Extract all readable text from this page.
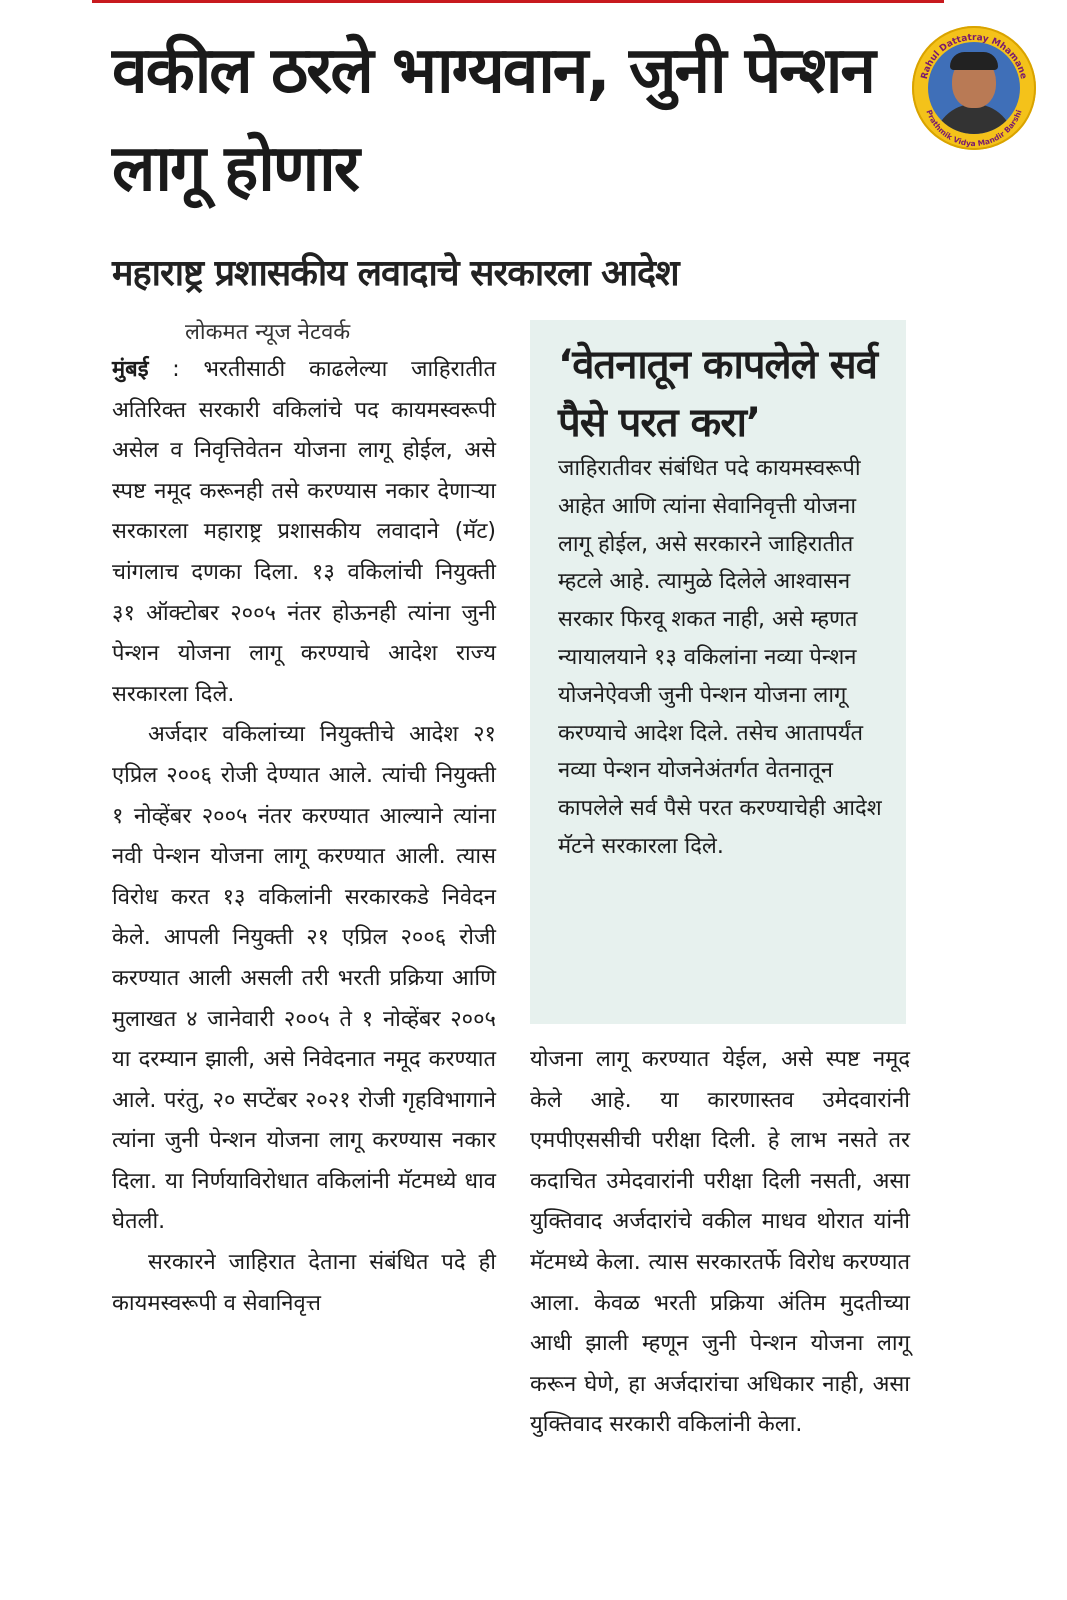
वकील ठरले भाग्यवान, जुनी पेन्शन लागू होणार
महाराष्ट्र प्रशासकीय लवादाचे सरकारला आदेश
Rahul Dattatray Mhamane
Prathmik Vidya Mandir Barshi

लोकमत न्यूज नेटवर्क

मुंबई : भरतीसाठी काढलेल्या जाहिरातीत अतिरिक्त सरकारी वकिलांचे पद कायमस्वरूपी असेल व निवृत्तिवेतन योजना लागू होईल, असे स्पष्ट नमूद करूनही तसे करण्यास नकार देणाऱ्या सरकारला महाराष्ट्र प्रशासकीय लवादाने (मॅट) चांगलाच दणका दिला. १३ वकिलांची नियुक्ती ३१ ऑक्टोबर २००५ नंतर होऊनही त्यांना जुनी पेन्शन योजना लागू करण्याचे आदेश राज्य सरकारला दिले.

अर्जदार वकिलांच्या नियुक्तीचे आदेश २१ एप्रिल २००६ रोजी देण्यात आले. त्यांची नियुक्ती १ नोव्हेंबर २००५ नंतर करण्यात आल्याने त्यांना नवी पेन्शन योजना लागू करण्यात आली. त्यास विरोध करत १३ वकिलांनी सरकारकडे निवेदन केले. आपली नियुक्ती २१ एप्रिल २००६ रोजी करण्यात आली असली तरी भरती प्रक्रिया आणि मुलाखत ४ जानेवारी २००५ ते १ नोव्हेंबर २००५ या दरम्यान झाली, असे निवेदनात नमूद करण्यात आले. परंतु, २० सप्टेंबर २०२१ रोजी गृहविभागाने त्यांना जुनी पेन्शन योजना लागू करण्यास नकार दिला. या निर्णयाविरोधात वकिलांनी मॅटमध्ये धाव घेतली.

सरकारने जाहिरात देताना संबंधित पदे ही कायमस्वरूपी व सेवानिवृत्त

‘वेतनातून कापलेले सर्व पैसे परत करा’

जाहिरातीवर संबंधित पदे कायमस्वरूपी आहेत आणि त्यांना सेवानिवृत्ती योजना लागू होईल, असे सरकारने जाहिरातीत म्हटले आहे. त्यामुळे दिलेले आश्वासन सरकार फिरवू शकत नाही, असे म्हणत न्यायालयाने १३ वकिलांना नव्या पेन्शन योजनेऐवजी जुनी पेन्शन योजना लागू करण्याचे आदेश दिले. तसेच आतापर्यंत नव्या पेन्शन योजनेअंतर्गत वेतनातून कापलेले सर्व पैसे परत करण्याचेही आदेश मॅटने सरकारला दिले.

योजना लागू करण्यात येईल, असे स्पष्ट नमूद केले आहे. या कारणास्तव उमेदवारांनी एमपीएससीची परीक्षा दिली. हे लाभ नसते तर कदाचित उमेदवारांनी परीक्षा दिली नसती, असा युक्तिवाद अर्जदारांचे वकील माधव थोरात यांनी मॅटमध्ये केला. त्यास सरकारतर्फे विरोध करण्यात आला. केवळ भरती प्रक्रिया अंतिम मुदतीच्या आधी झाली म्हणून जुनी पेन्शन योजना लागू करून घेणे, हा अर्जदारांचा अधिकार नाही, असा युक्तिवाद सरकारी वकिलांनी केला.
